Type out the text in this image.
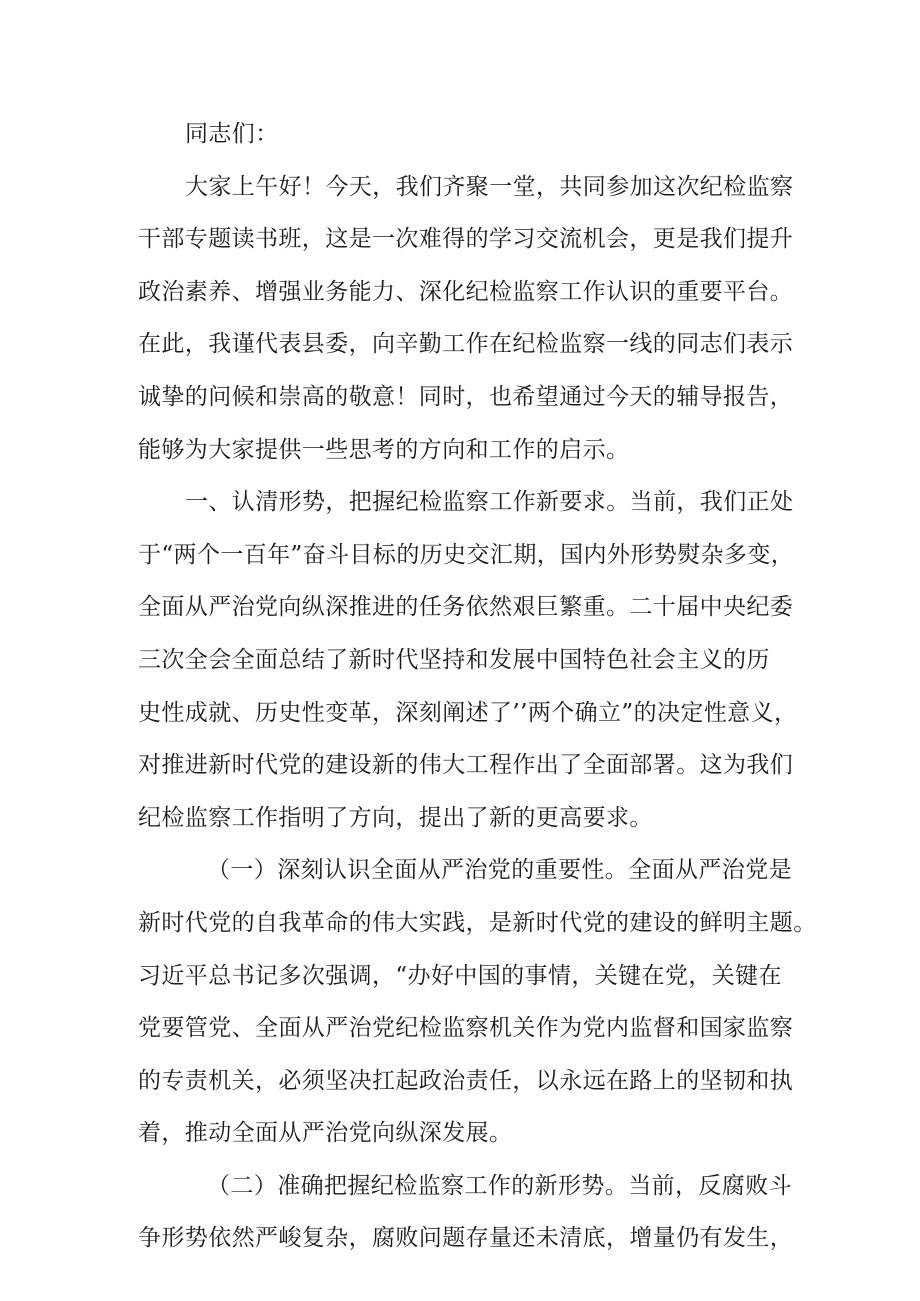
同志们：
大家上午好！今天，我们齐聚一堂，共同参加这次纪检监察
干部专题读书班，这是一次难得的学习交流机会，更是我们提升
政治素养、增强业务能力、深化纪检监察工作认识的重要平台。
在此，我谨代表县委，向辛勤工作在纪检监察一线的同志们表示
诚挚的问候和崇高的敬意！同时，也希望通过今天的辅导报告，
能够为大家提供一些思考的方向和工作的启示。
一、认清形势，把握纪检监察工作新要求。当前，我们正处
于“两个一百年”奋斗目标的历史交汇期，国内外形势熨杂多变，
全面从严治党向纵深推进的任务依然艰巨繁重。二十届中央纪委
三次全会全面总结了新时代坚持和发展中国特色社会主义的历
史性成就、历史性变革，深刻阐述了’’两个确立”的决定性意义，
对推进新时代党的建设新的伟大工程作出了全面部署。这为我们
纪检监察工作指明了方向，提出了新的更高要求。
（一）深刻认识全面从严治党的重要性。全面从严治党是
新时代党的自我革命的伟大实践，是新时代党的建设的鲜明主题。
习近平总书记多次强调，“办好中国的事情，关键在党，关键在
党要管党、全面从严治党纪检监察机关作为党内监督和国家监察
的专责机关，必须坚决扛起政治责任，以永远在路上的坚韧和执
着，推动全面从严治党向纵深发展。
（二）准确把握纪检监察工作的新形势。当前，反腐败斗
争形势依然严峻复杂，腐败问题存量还未清底，增量仍有发生，
